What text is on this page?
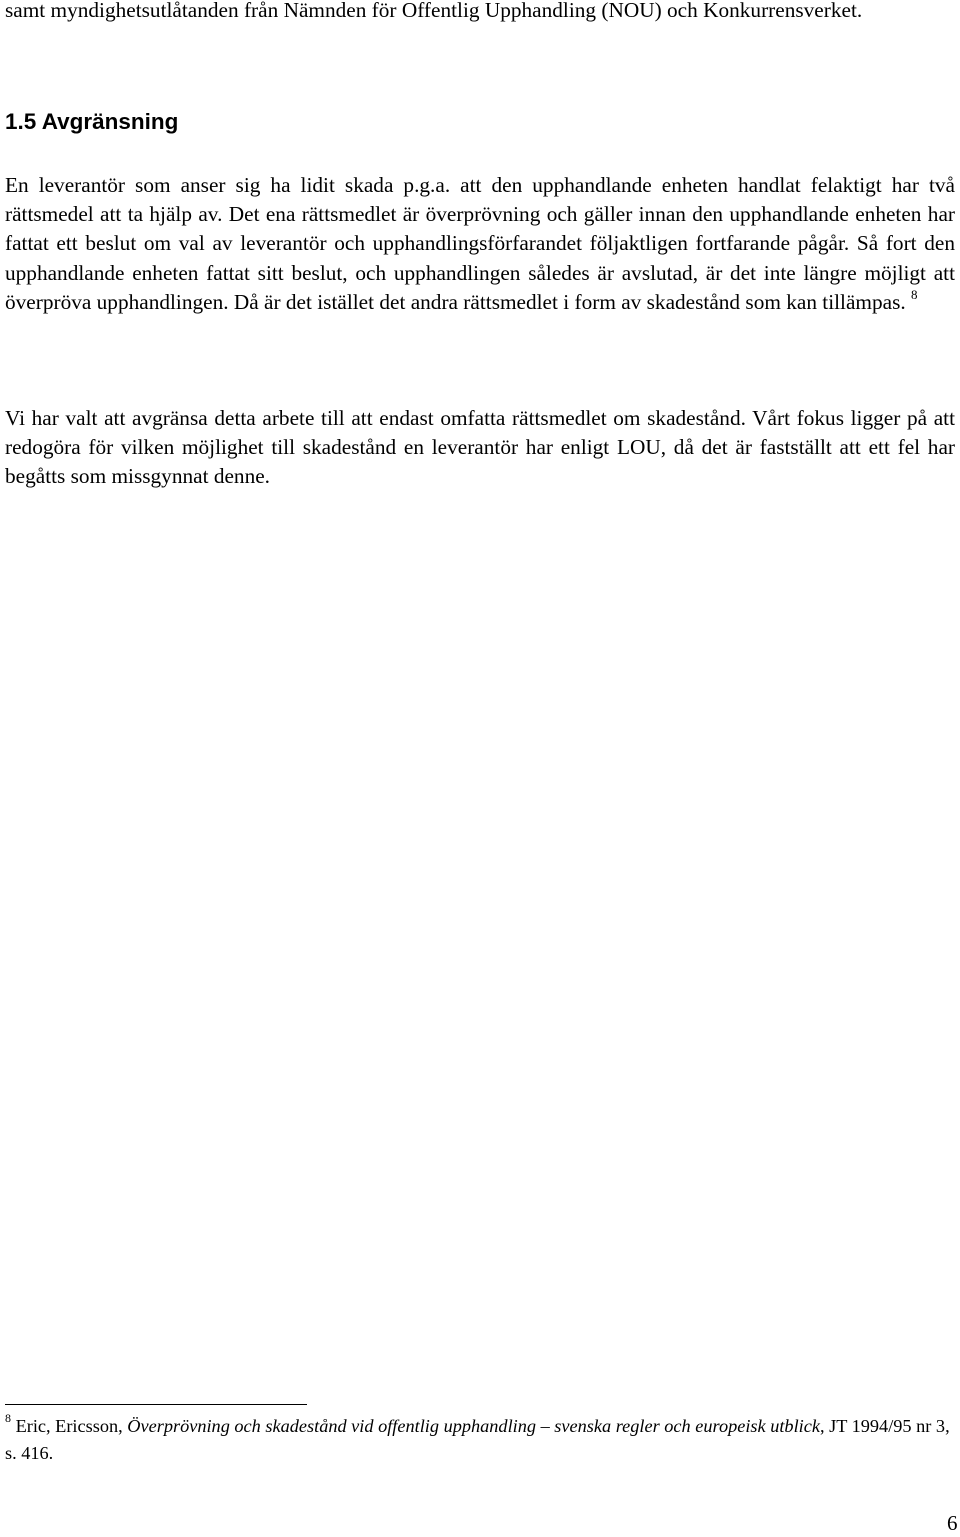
samt myndighetsutlåtanden från Nämnden för Offentlig Upphandling (NOU) och Konkurrensverket.

1.5 Avgränsning

En leverantör som anser sig ha lidit skada p.g.a. att den upphandlande enheten handlat felaktigt har två rättsmedel att ta hjälp av. Det ena rättsmedlet är överprövning och gäller innan den upphandlande enheten har fattat ett beslut om val av leverantör och upphandlingsförfarandet följaktligen fortfarande pågår. Så fort den upphandlande enheten fattat sitt beslut, och upphandlingen således är avslutad, är det inte längre möjligt att överpröva upphandlingen. Då är det istället det andra rättsmedlet i form av skadestånd som kan tillämpas. $^8$

Vi har valt att avgränsa detta arbete till att endast omfatta rättsmedlet om skadestånd. Vårt fokus ligger på att redogöra för vilken möjlighet till skadestånd en leverantör har enligt LOU, då det är fastställt att ett fel har begåtts som missgynnat denne.

$^8$ Eric, Ericsson, Överprövning och skadestånd vid offentlig upphandling – svenska regler och europeisk utblick, JT 1994/95 nr 3, s. 416.

6
